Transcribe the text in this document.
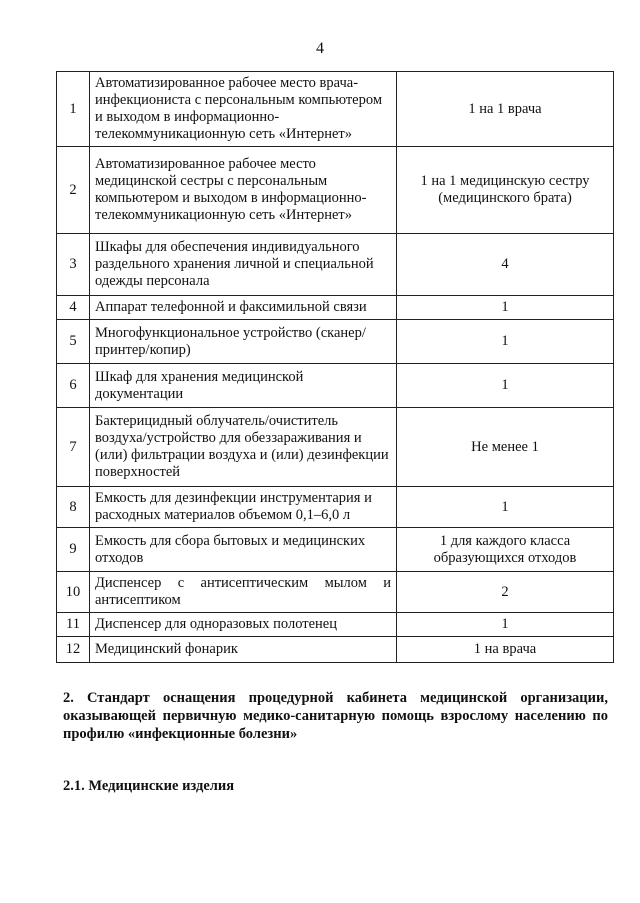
4
1	Автоматизированное рабочее место врача-инфекциониста с персональным компьютером и выходом в информационно-телекоммуникационную сеть «Интернет»	1 на 1 врача
2	Автоматизированное рабочее место медицинской сестры с персональным компьютером и выходом в информационно-телекоммуникационную сеть «Интернет»	1 на 1 медицинскую сестру (медицинского брата)
3	Шкафы для обеспечения индивидуального раздельного хранения личной и специальной одежды персонала	4
4	Аппарат телефонной и факсимильной связи	1
5	Многофункциональное устройство (сканер/принтер/копир)	1
6	Шкаф для хранения медицинской документации	1
7	Бактерицидный облучатель/очиститель воздуха/устройство для обеззараживания и (или) фильтрации воздуха и (или) дезинфекции поверхностей	Не менее 1
8	Емкость для дезинфекции инструментария и расходных материалов объемом 0,1–6,0 л	1
9	Емкость для сбора бытовых и медицинских отходов	1 для каждого класса образующихся отходов
10	Диспенсер с антисептическим мылом и антисептиком	2
11	Диспенсер для одноразовых полотенец	1
12	Медицинский фонарик	1 на врача
2. Стандарт оснащения процедурной кабинета медицинской организации, оказывающей первичную медико-санитарную помощь взрослому населению по профилю «инфекционные болезни»
2.1. Медицинские изделия
